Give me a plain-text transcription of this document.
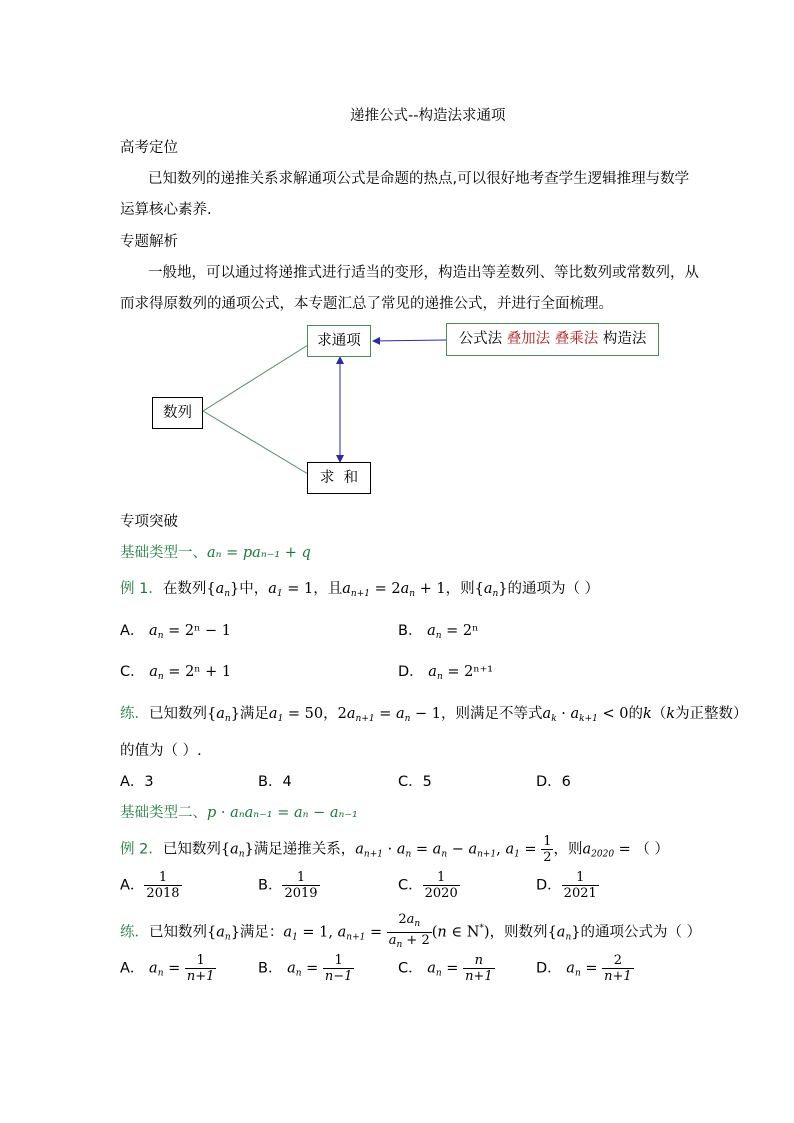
递推公式--构造法求通项
高考定位
已知数列的递推关系求解通项公式是命题的热点,可以很好地考查学生逻辑推理与数学
运算核心素养.
专题解析
一般地，可以通过将递推式进行适当的变形，构造出等差数列、等比数列或常数列，从
而求得原数列的通项公式，本专题汇总了常见的递推公式，并进行全面梳理。
数列
求通项
求  和
公式法 叠加法 叠乘法 构造法
专项突破
基础类型一、aₙ = paₙ₋₁ + q
例 1．在数列$\{a_n\}$中，$a_1 = 1$，且$a_{n+1} = 2a_n + 1$，则$\{a_n\}$的通项为（ ）
A． $a_n = 2^n - 1$	B． $a_n = 2^n$
C． $a_n = 2^n + 1$	D． $a_n = 2^{n+1}$
练．已知数列$\{a_n\}$满足$a_1 = 50$，$2a_{n+1} = a_n - 1$，则满足不等式$a_k \cdot a_{k+1} < 0$的k（k为正整数）
的值为（ ）.
A．3	B．4	C．5	D．6
基础类型二、p · aₙaₙ₋₁ = aₙ − aₙ₋₁
例 2．已知数列$\{a_n\}$满足递推关系，$a_{n+1} \cdot a_n = a_n - a_{n+1}$, $a_1 = \frac{1}{2}$ ，则$a_{2020}$ = （ ）
A． $\frac{1}{2018}$	B． $\frac{1}{2019}$	C． $\frac{1}{2020}$	D． $\frac{1}{2021}$
练．已知数列$\{a_n\}$满足：$a_1 = 1$, $a_{n+1} = \frac{2a_n}{a_n + 2} (n$ ∈ N*)，则数列$\{a_n\}$的通项公式为（ ）
A． $a_n = \frac{1}{n+1}$	B． $a_n = \frac{1}{n-1}$	C． $a_n = \frac{n}{n+1}$	D． $a_n = \frac{2}{n+1}$
